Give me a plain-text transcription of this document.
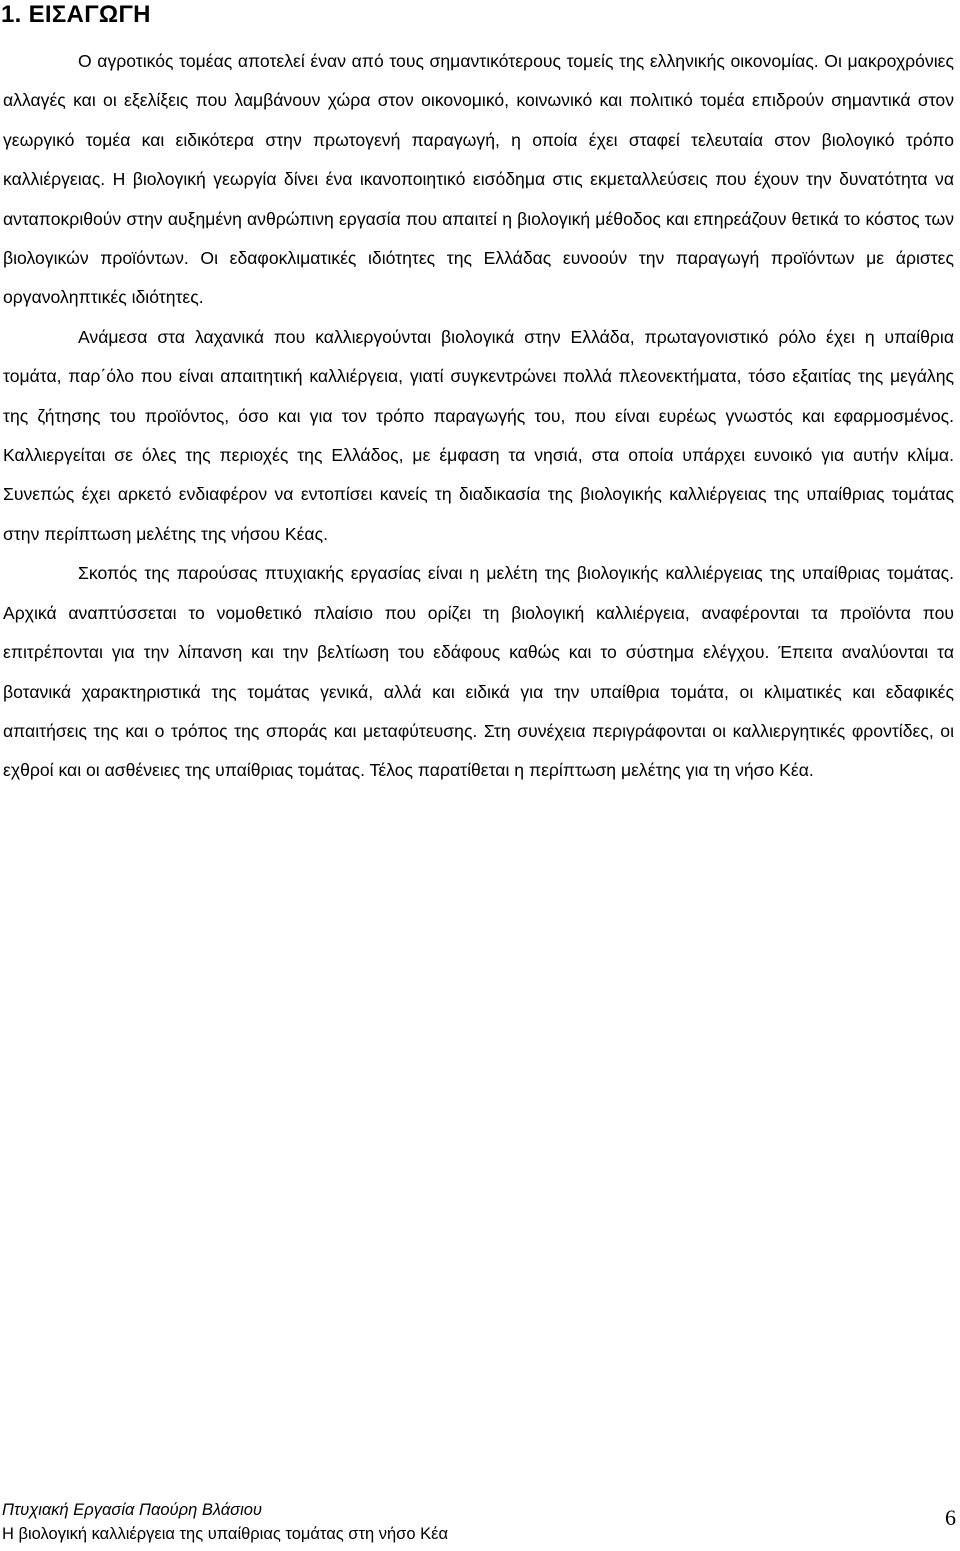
1. ΕΙΣΑΓΩΓΗ

Ο αγροτικός τομέας αποτελεί έναν από τους σημαντικότερους τομείς της ελληνικής οικονομίας. Οι μακροχρόνιες αλλαγές και οι εξελίξεις που λαμβάνουν χώρα στον οικονομικό, κοινωνικό και πολιτικό τομέα επιδρούν σημαντικά στον γεωργικό τομέα και ειδικότερα στην πρωτογενή παραγωγή, η οποία έχει σταφεί τελευταία στον βιολογικό τρόπο καλλιέργειας. Η βιολογική γεωργία δίνει ένα ικανοποιητικό εισόδημα στις εκμεταλλεύσεις που έχουν την δυνατότητα να ανταποκριθούν στην αυξημένη ανθρώπινη εργασία που απαιτεί η βιολογική μέθοδος και επηρεάζουν θετικά το κόστος των βιολογικών προϊόντων. Οι εδαφοκλιματικές ιδιότητες της Ελλάδας ευνοούν την παραγωγή προϊόντων με άριστες οργανοληπτικές ιδιότητες.

Ανάμεσα στα λαχανικά που καλλιεργούνται βιολογικά στην Ελλάδα, πρωταγονιστικό ρόλο έχει η υπαίθρια τομάτα, παρ΄όλο που είναι απαιτητική καλλιέργεια, γιατί συγκεντρώνει πολλά πλεονεκτήματα, τόσο εξαιτίας της μεγάλης της ζήτησης του προϊόντος, όσο και για τον τρόπο παραγωγής του, που είναι ευρέως γνωστός και εφαρμοσμένος. Καλλιεργείται σε όλες της περιοχές της Ελλάδος, με έμφαση τα νησιά, στα οποία υπάρχει ευνοικό για αυτήν κλίμα. Συνεπώς έχει αρκετό ενδιαφέρον να εντοπίσει κανείς τη διαδικασία της βιολογικής καλλιέργειας της υπαίθριας τομάτας στην περίπτωση μελέτης της νήσου Κέας.

Σκοπός της παρούσας πτυχιακής εργασίας είναι η μελέτη της βιολογικής καλλιέργειας της υπαίθριας τομάτας. Αρχικά αναπτύσσεται το νομοθετικό πλαίσιο που ορίζει τη βιολογική καλλιέργεια, αναφέρονται τα προϊόντα που επιτρέπονται για την λίπανση και την βελτίωση του εδάφους καθώς και το σύστημα ελέγχου. Έπειτα αναλύονται τα βοτανικά χαρακτηριστικά της τομάτας γενικά, αλλά και ειδικά για την υπαίθρια τομάτα, οι κλιματικές και εδαφικές απαιτήσεις της και ο τρόπος της σποράς και μεταφύτευσης. Στη συνέχεια περιγράφονται οι καλλιεργητικές φροντίδες, οι εχθροί και οι ασθένειες της υπαίθριας τομάτας. Τέλος παρατίθεται η περίπτωση μελέτης για τη νήσο Κέα.

Πτυχιακή Εργασία Παούρη Βλάσιου
Η βιολογική καλλιέργεια της υπαίθριας τομάτας στη νήσο Κέα
6
